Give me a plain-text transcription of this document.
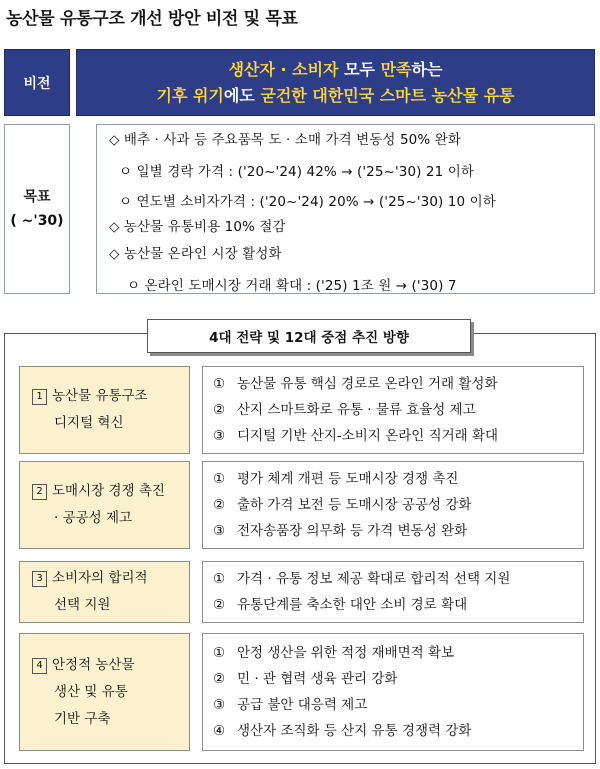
농산물 유통구조 개선 방안 비전 및 목표
비전
생산자 · 소비자 모두 만족하는
기후 위기에도 굳건한 대한민국 스마트 농산물 유통
목표
( ~'30)
◇ 배추 · 사과 등 주요품목 도 · 소매 가격 변동성 50% 완화
ㅇ 일별 경락 가격 : ('20~'24) 42% → ('25~'30) 21 이하
ㅇ 연도별 소비자가격 : ('20~'24) 20% → ('25~'30) 10 이하
◇ 농산물 유통비용 10% 절감
◇ 농산물 온라인 시장 활성화
ㅇ 온라인 도매시장 거래 확대 : ('25) 1조 원 → ('30) 7
4대 전략 및 12대 중점 추진 방향
1 농산물 유통구조
디지털 혁신
① 농산물 유통 핵심 경로로 온라인 거래 활성화
② 산지 스마트화로 유통 · 물류 효율성 제고
③ 디지털 기반 산지-소비지 온라인 직거래 확대
2 도매시장 경쟁 촉진
· 공공성 제고
① 평가 체계 개편 등 도매시장 경쟁 촉진
② 출하 가격 보전 등 도매시장 공공성 강화
③ 전자송품장 의무화 등 가격 변동성 완화
3 소비자의 합리적
선택 지원
① 가격 · 유통 정보 제공 확대로 합리적 선택 지원
② 유통단계를 축소한 대안 소비 경로 확대
4 안정적 농산물
생산 및 유통
기반 구축
① 안정 생산을 위한 적정 재배면적 확보
② 민 · 관 협력 생육 관리 강화
③ 공급 불안 대응력 제고
④ 생산자 조직화 등 산지 유통 경쟁력 강화
